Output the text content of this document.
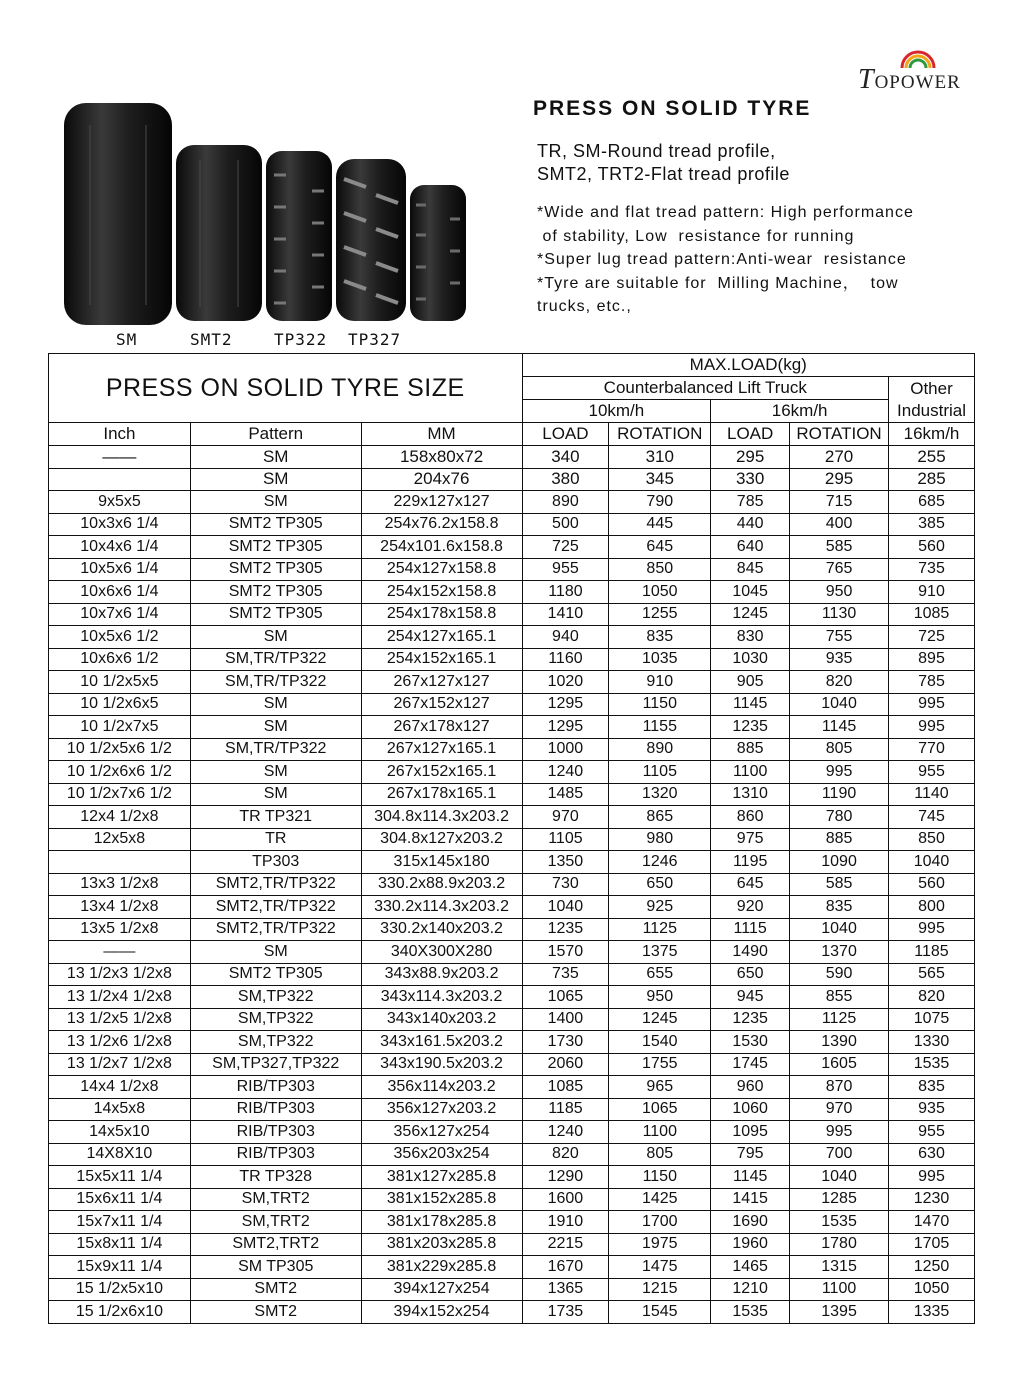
TOPOWER
SM	SMT2	TP322 TP327
PRESS ON SOLID TYRE
TR, SM-Round tread profile,
SMT2, TRT2-Flat tread profile
*Wide and flat tread pattern: High performance
of stability, Low  resistance for running
*Super lug tread pattern:Anti-wear  resistance
*Tyre are suitable for  Milling Machine，  tow
trucks, etc.,
PRESS ON SOLID TYRE SIZE			MAX.LOAD(kg)				
			Counterbalanced Lift Truck				Other Industrial
			10km/h		16km/h		
Inch	Pattern	MM	LOAD	ROTATION	LOAD	ROTATION	16km/h
——	SM	158x80x72	340	310	295	270	255
	SM	204x76	380	345	330	295	285
9x5x5	SM	229x127x127	890	790	785	715	685
10x3x6 1/4	SMT2 TP305	254x76.2x158.8	500	445	440	400	385
10x4x6 1/4	SMT2 TP305	254x101.6x158.8	725	645	640	585	560
10x5x6 1/4	SMT2 TP305	254x127x158.8	955	850	845	765	735
10x6x6 1/4	SMT2 TP305	254x152x158.8	1180	1050	1045	950	910
10x7x6 1/4	SMT2 TP305	254x178x158.8	1410	1255	1245	1130	1085
10x5x6 1/2	SM	254x127x165.1	940	835	830	755	725
10x6x6 1/2	SM,TR/TP322	254x152x165.1	1160	1035	1030	935	895
10 1/2x5x5	SM,TR/TP322	267x127x127	1020	910	905	820	785
10 1/2x6x5	SM	267x152x127	1295	1150	1145	1040	995
10 1/2x7x5	SM	267x178x127	1295	1155	1235	1145	995
10 1/2x5x6 1/2	SM,TR/TP322	267x127x165.1	1000	890	885	805	770
10 1/2x6x6 1/2	SM	267x152x165.1	1240	1105	1100	995	955
10 1/2x7x6 1/2	SM	267x178x165.1	1485	1320	1310	1190	1140
12x4 1/2x8	TR TP321	304.8x114.3x203.2	970	865	860	780	745
12x5x8	TR	304.8x127x203.2	1105	980	975	885	850
	TP303	315x145x180	1350	1246	1195	1090	1040
13x3 1/2x8	SMT2,TR/TP322	330.2x88.9x203.2	730	650	645	585	560
13x4 1/2x8	SMT2,TR/TP322	330.2x114.3x203.2	1040	925	920	835	800
13x5 1/2x8	SMT2,TR/TP322	330.2x140x203.2	1235	1125	1115	1040	995
——	SM	340X300X280	1570	1375	1490	1370	1185
13 1/2x3 1/2x8	SMT2 TP305	343x88.9x203.2	735	655	650	590	565
13 1/2x4 1/2x8	SM,TP322	343x114.3x203.2	1065	950	945	855	820
13 1/2x5 1/2x8	SM,TP322	343x140x203.2	1400	1245	1235	1125	1075
13 1/2x6 1/2x8	SM,TP322	343x161.5x203.2	1730	1540	1530	1390	1330
13 1/2x7 1/2x8	SM,TP327,TP322	343x190.5x203.2	2060	1755	1745	1605	1535
14x4 1/2x8	RIB/TP303	356x114x203.2	1085	965	960	870	835
14x5x8	RIB/TP303	356x127x203.2	1185	1065	1060	970	935
14x5x10	RIB/TP303	356x127x254	1240	1100	1095	995	955
14X8X10	RIB/TP303	356x203x254	820	805	795	700	630
15x5x11 1/4	TR TP328	381x127x285.8	1290	1150	1145	1040	995
15x6x11 1/4	SM,TRT2	381x152x285.8	1600	1425	1415	1285	1230
15x7x11 1/4	SM,TRT2	381x178x285.8	1910	1700	1690	1535	1470
15x8x11 1/4	SMT2,TRT2	381x203x285.8	2215	1975	1960	1780	1705
15x9x11 1/4	SM TP305	381x229x285.8	1670	1475	1465	1315	1250
15 1/2x5x10	SMT2	394x127x254	1365	1215	1210	1100	1050
15 1/2x6x10	SMT2	394x152x254	1735	1545	1535	1395	1335
